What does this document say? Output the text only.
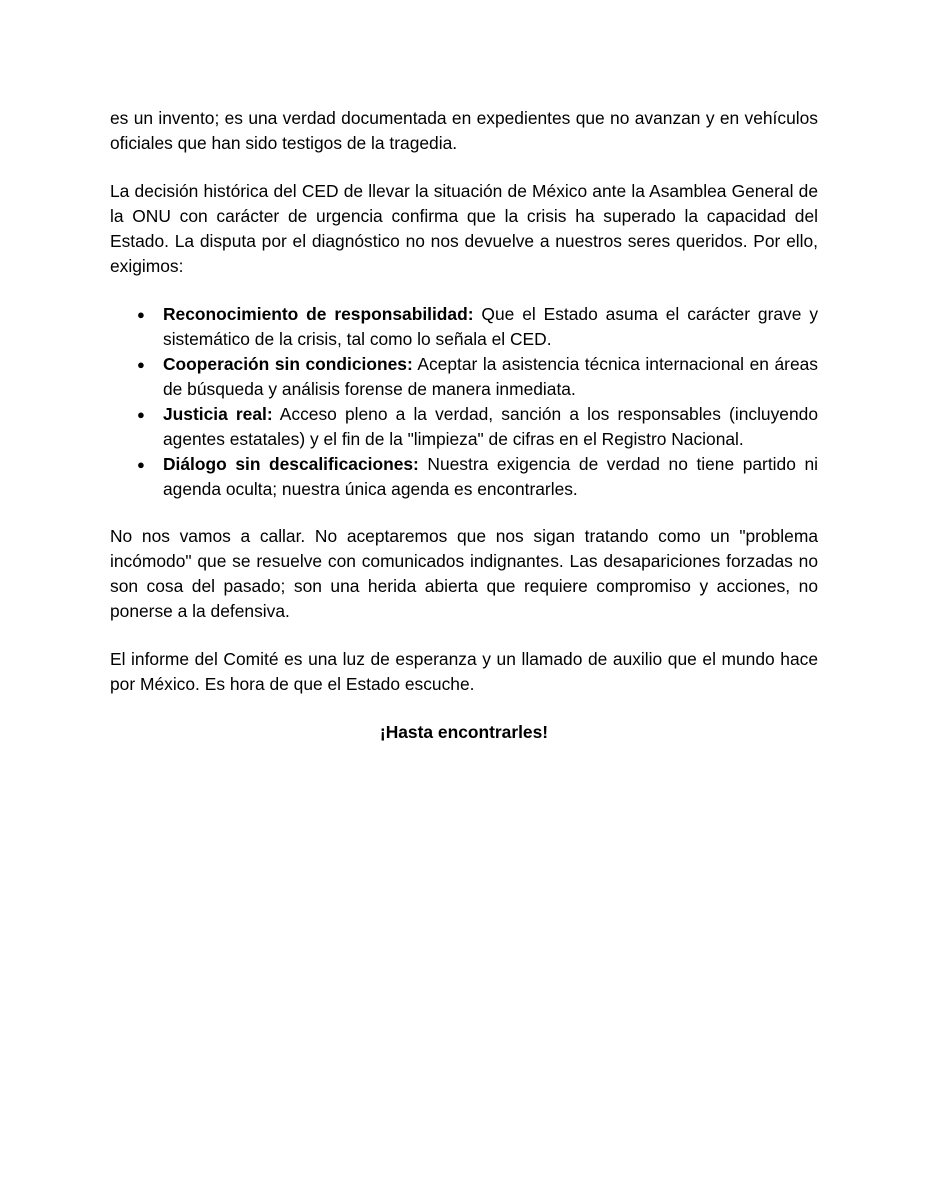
es un invento; es una verdad documentada en expedientes que no avanzan y en vehículos oficiales que han sido testigos de la tragedia.

La decisión histórica del CED de llevar la situación de México ante la Asamblea General de la ONU con carácter de urgencia confirma que la crisis ha superado la capacidad del Estado. La disputa por el diagnóstico no nos devuelve a nuestros seres queridos. Por ello, exigimos:

● Reconocimiento de responsabilidad: Que el Estado asuma el carácter grave y sistemático de la crisis, tal como lo señala el CED.
● Cooperación sin condiciones: Aceptar la asistencia técnica internacional en áreas de búsqueda y análisis forense de manera inmediata.
● Justicia real: Acceso pleno a la verdad, sanción a los responsables (incluyendo agentes estatales) y el fin de la "limpieza" de cifras en el Registro Nacional.
● Diálogo sin descalificaciones: Nuestra exigencia de verdad no tiene partido ni agenda oculta; nuestra única agenda es encontrarles.

No nos vamos a callar. No aceptaremos que nos sigan tratando como un "problema incómodo" que se resuelve con comunicados indignantes. Las desapariciones forzadas no son cosa del pasado; son una herida abierta que requiere compromiso y acciones, no ponerse a la defensiva.

El informe del Comité es una luz de esperanza y un llamado de auxilio que el mundo hace por México. Es hora de que el Estado escuche.

¡Hasta encontrarles!
